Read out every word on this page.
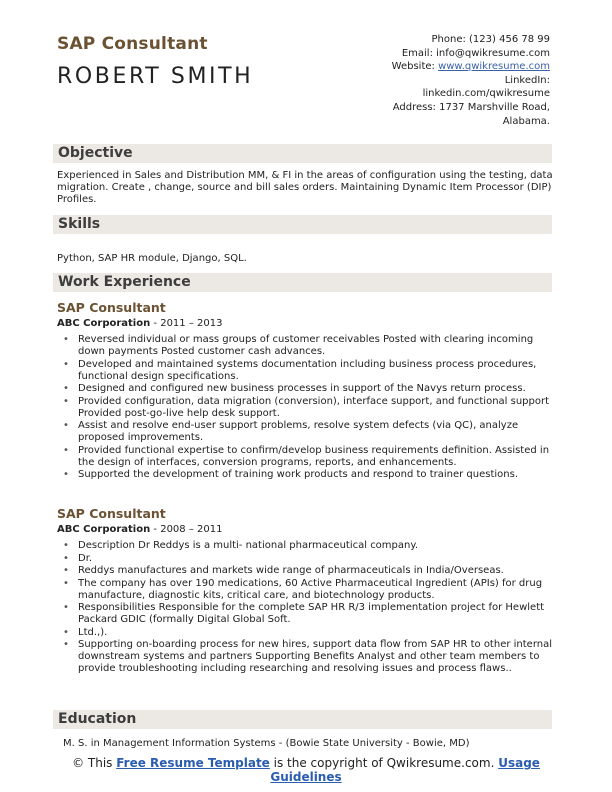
SAP Consultant
ROBERT SMITH
Phone: (123) 456 78 99
Email: info@qwikresume.com
Website: www.qwikresume.com
LinkedIn:
linkedin.com/qwikresume
Address: 1737 Marshville Road,
Alabama.
Objective
Experienced in Sales and Distribution MM, & FI in the areas of configuration using the testing, data migration. Create , change, source and bill sales orders. Maintaining Dynamic Item Processor (DIP) Profiles.
Skills
Python, SAP HR module, Django, SQL.
Work Experience
SAP Consultant
ABC Corporation - 2011 – 2013
• Reversed individual or mass groups of customer receivables Posted with clearing incoming down payments Posted customer cash advances.
• Developed and maintained systems documentation including business process procedures, functional design specifications.
• Designed and configured new business processes in support of the Navys return process.
• Provided configuration, data migration (conversion), interface support, and functional support Provided post-go-live help desk support.
• Assist and resolve end-user support problems, resolve system defects (via QC), analyze proposed improvements.
• Provided functional expertise to confirm/develop business requirements definition. Assisted in the design of interfaces, conversion programs, reports, and enhancements.
• Supported the development of training work products and respond to trainer questions.
SAP Consultant
ABC Corporation - 2008 – 2011
• Description Dr Reddys is a multi- national pharmaceutical company.
• Dr.
• Reddys manufactures and markets wide range of pharmaceuticals in India/Overseas.
• The company has over 190 medications, 60 Active Pharmaceutical Ingredient (APIs) for drug manufacture, diagnostic kits, critical care, and biotechnology products.
• Responsibilities Responsible for the complete SAP HR R/3 implementation project for Hewlett Packard GDIC (formally Digital Global Soft.
• Ltd.,).
• Supporting on-boarding process for new hires, support data flow from SAP HR to other internal downstream systems and partners Supporting Benefits Analyst and other team members to provide troubleshooting including researching and resolving issues and process flaws..
Education
M. S. in Management Information Systems - (Bowie State University - Bowie, MD)
© This Free Resume Template is the copyright of Qwikresume.com. Usage
Guidelines
